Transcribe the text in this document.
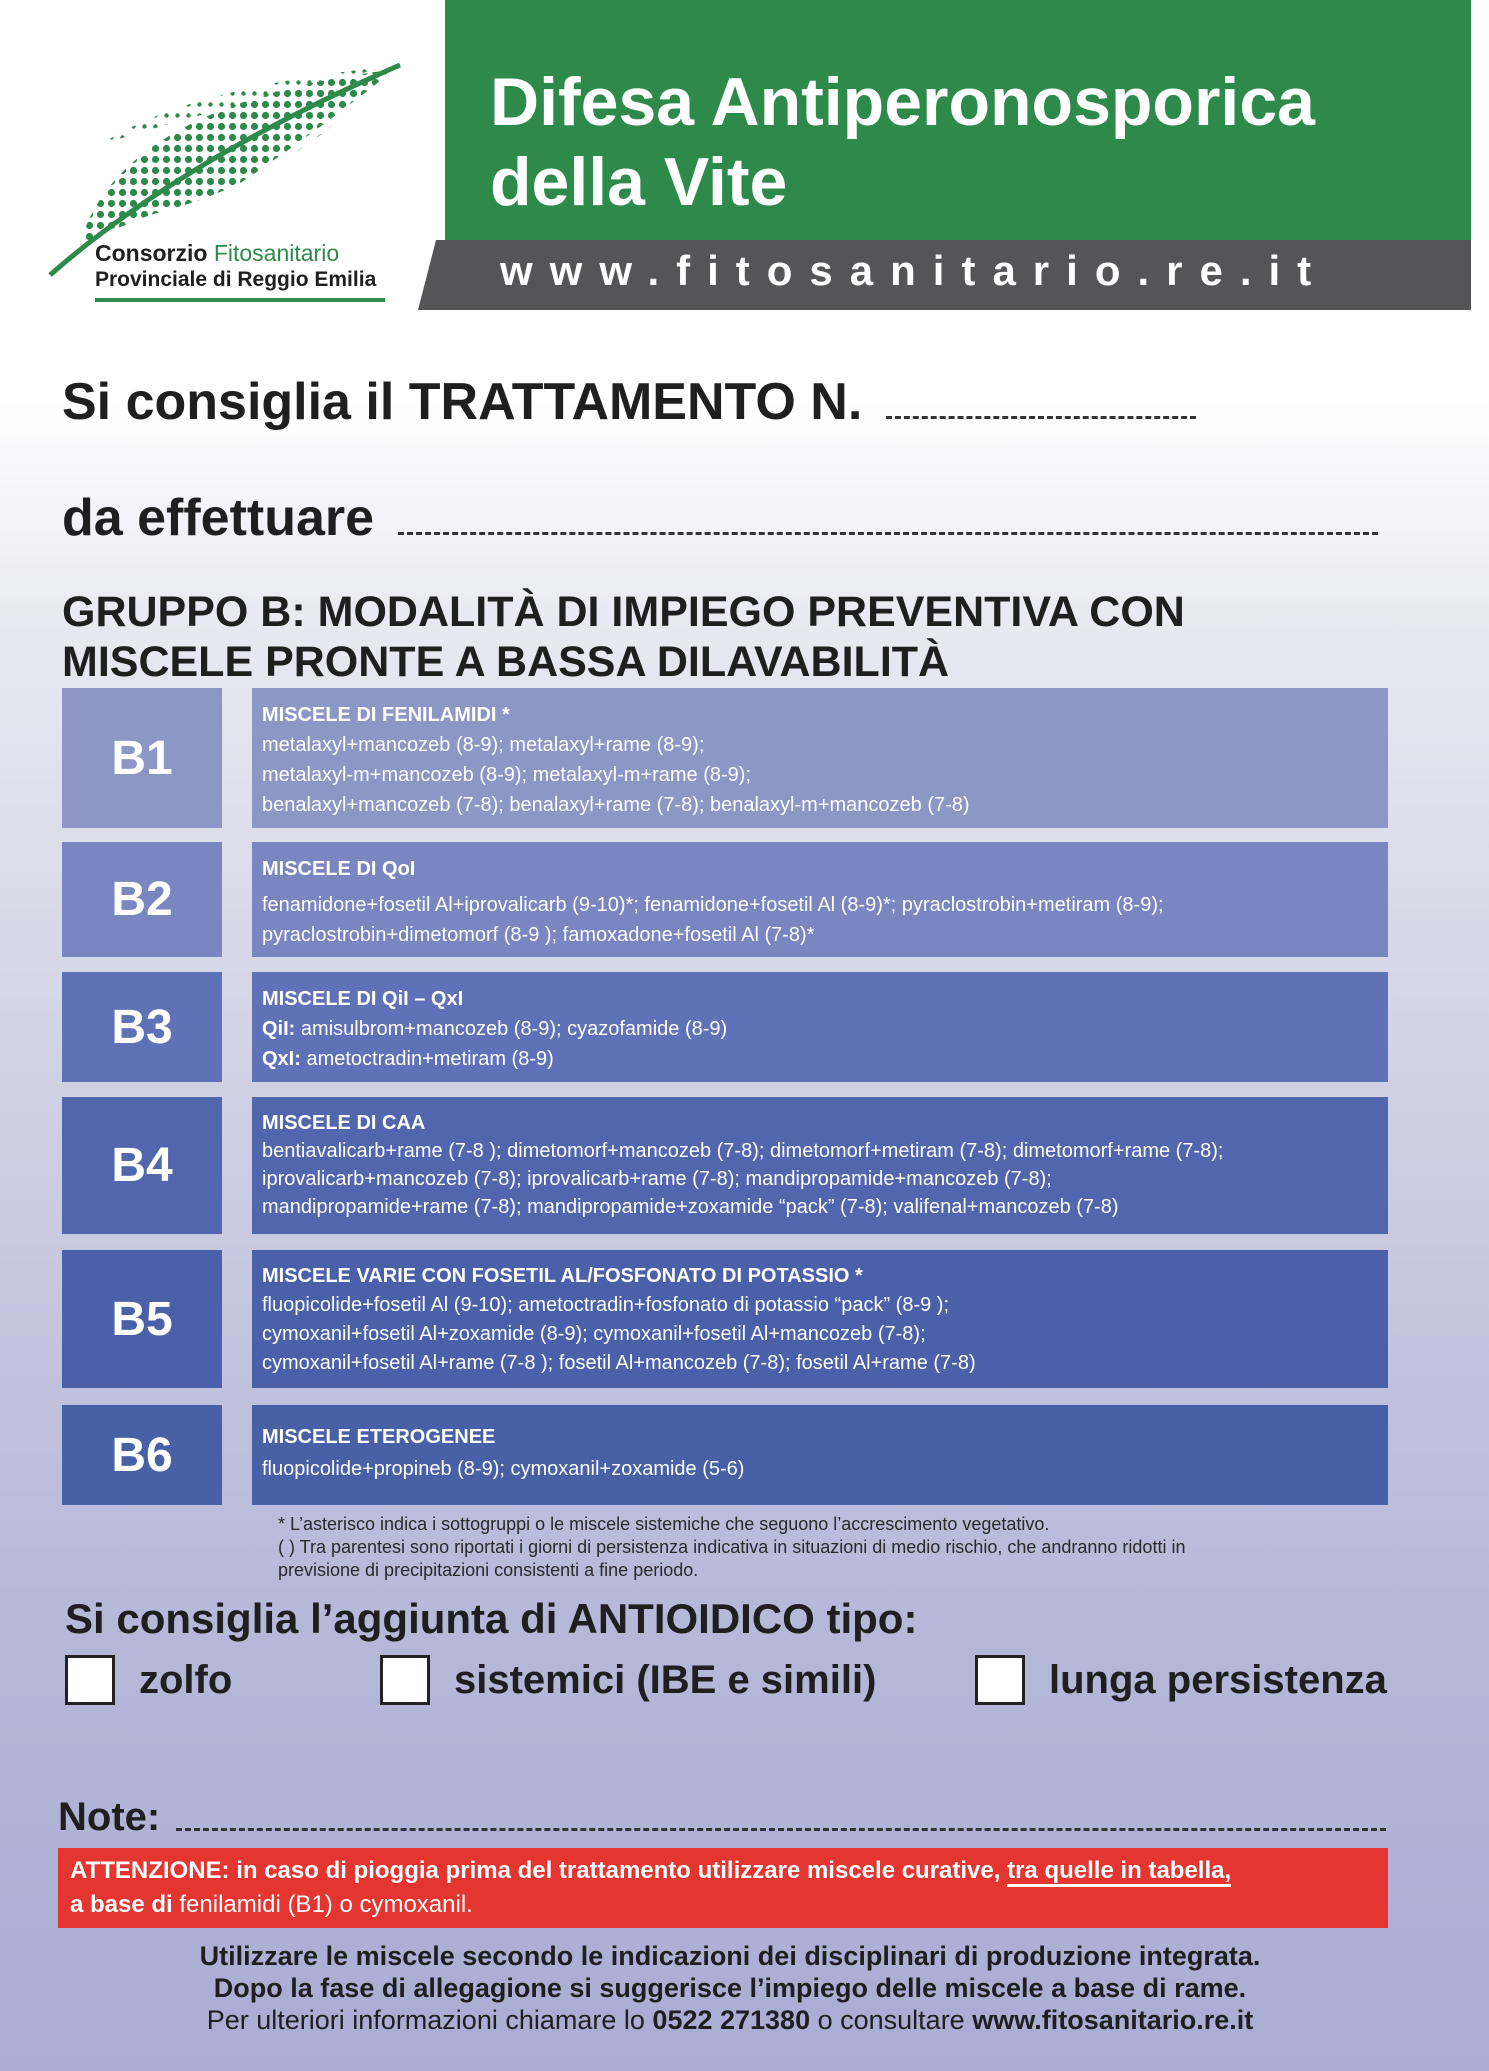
Consorzio Fitosanitario
Provinciale di Reggio Emilia
Difesa Antiperonosporica
della Vite
www.fitosanitario.re.it
Si consiglia il TRATTAMENTO N.
da effettuare
GRUPPO B: MODALITÀ DI IMPIEGO PREVENTIVA CON
MISCELE PRONTE A BASSA DILAVABILITÀ
B1
MISCELE DI FENILAMIDI *
metalaxyl+mancozeb (8-9); metalaxyl+rame (8-9);
metalaxyl-m+mancozeb (8-9); metalaxyl-m+rame (8-9);
benalaxyl+mancozeb (7-8); benalaxyl+rame (7-8); benalaxyl-m+mancozeb (7-8)
B2
MISCELE DI QoI
fenamidone+fosetil Al+iprovalicarb (9-10)*; fenamidone+fosetil Al (8-9)*; pyraclostrobin+metiram (8-9);
pyraclostrobin+dimetomorf (8-9 ); famoxadone+fosetil Al (7-8)*
B3
MISCELE DI QiI – QxI
QiI: amisulbrom+mancozeb (8-9); cyazofamide (8-9)
QxI: ametoctradin+metiram (8-9)
B4
MISCELE DI CAA
bentiavalicarb+rame (7-8 ); dimetomorf+mancozeb (7-8); dimetomorf+metiram (7-8); dimetomorf+rame (7-8);
iprovalicarb+mancozeb (7-8); iprovalicarb+rame (7-8); mandipropamide+mancozeb (7-8);
mandipropamide+rame (7-8); mandipropamide+zoxamide “pack” (7-8); valifenal+mancozeb (7-8)
B5
MISCELE VARIE CON FOSETIL AL/FOSFONATO DI POTASSIO *
fluopicolide+fosetil Al (9-10); ametoctradin+fosfonato di potassio “pack” (8-9 );
cymoxanil+fosetil Al+zoxamide (8-9); cymoxanil+fosetil Al+mancozeb (7-8);
cymoxanil+fosetil Al+rame (7-8 ); fosetil Al+mancozeb (7-8); fosetil Al+rame (7-8)
B6	MISCELE ETEROGENEE
fluopicolide+propineb (8-9); cymoxanil+zoxamide (5-6)
* L’asterisco indica i sottogruppi o le miscele sistemiche che seguono l’accrescimento vegetativo.
( ) Tra parentesi sono riportati i giorni di persistenza indicativa in situazioni di medio rischio, che andranno ridotti in
previsione di precipitazioni consistenti a fine periodo.
Si consiglia l’aggiunta di ANTIOIDICO tipo:
zolfo	sistemici (IBE e simili)	lunga persistenza
Note:
ATTENZIONE: in caso di pioggia prima del trattamento utilizzare miscele curative, tra quelle in tabella,
a base di fenilamidi (B1) o cymoxanil.
Utilizzare le miscele secondo le indicazioni dei disciplinari di produzione integrata.
Dopo la fase di allegagione si suggerisce l’impiego delle miscele a base di rame.
Per ulteriori informazioni chiamare lo 0522 271380 o consultare www.fitosanitario.re.it
